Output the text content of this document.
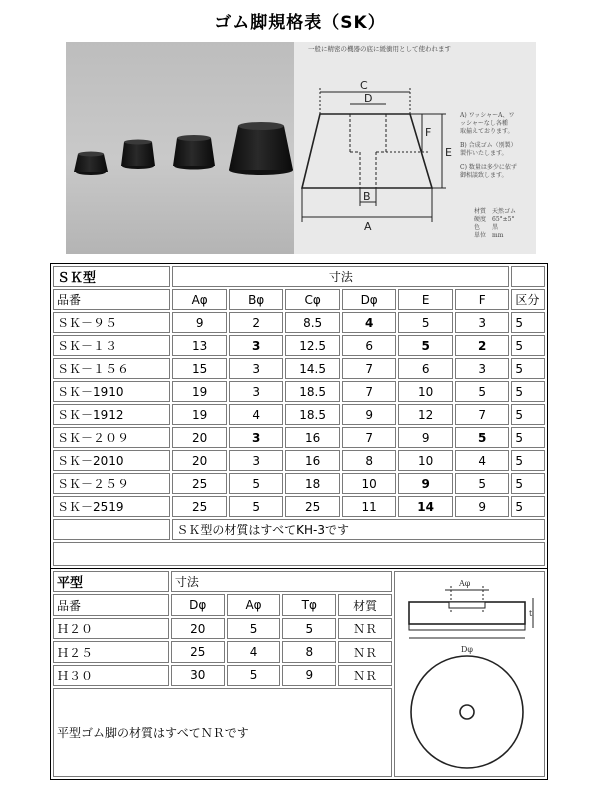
ゴム脚規格表（SK）
一般に精密の機器の底に緩衝用として使われます
C
D
F
E
B
A
A) ワッシャーA、ワ
ッシャーなし各種
取揃えております。
B) 合成ゴム（別製）
製作いたします。
C) 数量は多少に依ず
御相談致します。
材質　天然ゴム
硬度　65°±5°
色　　黒
単位　mm
ＳＫ型	寸法						
品番	Aφ	Bφ	Cφ	Dφ	E	F	区分
ＳＫ－９５	9	2	8.5	4	5	3	5
ＳＫ－１３	13	3	12.5	6	5	2	5
ＳＫ－１５６	15	3	14.5	7	6	3	5
ＳＫ－1910	19	3	18.5	7	10	5	5
ＳＫ－1912	19	4	18.5	9	12	7	5
ＳＫ－２０９	20	3	16	7	9	5	5
ＳＫ－2010	20	3	16	8	10	4	5
ＳＫ－２５９	25	5	18	10	9	5	5
ＳＫ－2519	25	5	25	11	14	9	5
	ＳＫ型の材質はすべてKH-3です						

平型	寸法				Aφ
Dφ
t

品番	Dφ	Aφ	Tφ	材質	
Ｈ２０	20	5	5	ＮＲ	
Ｈ２５	25	4	8	ＮＲ	
Ｈ３０	30	5	9	ＮＲ	
平型ゴム脚の材質はすべてＮＲです					
